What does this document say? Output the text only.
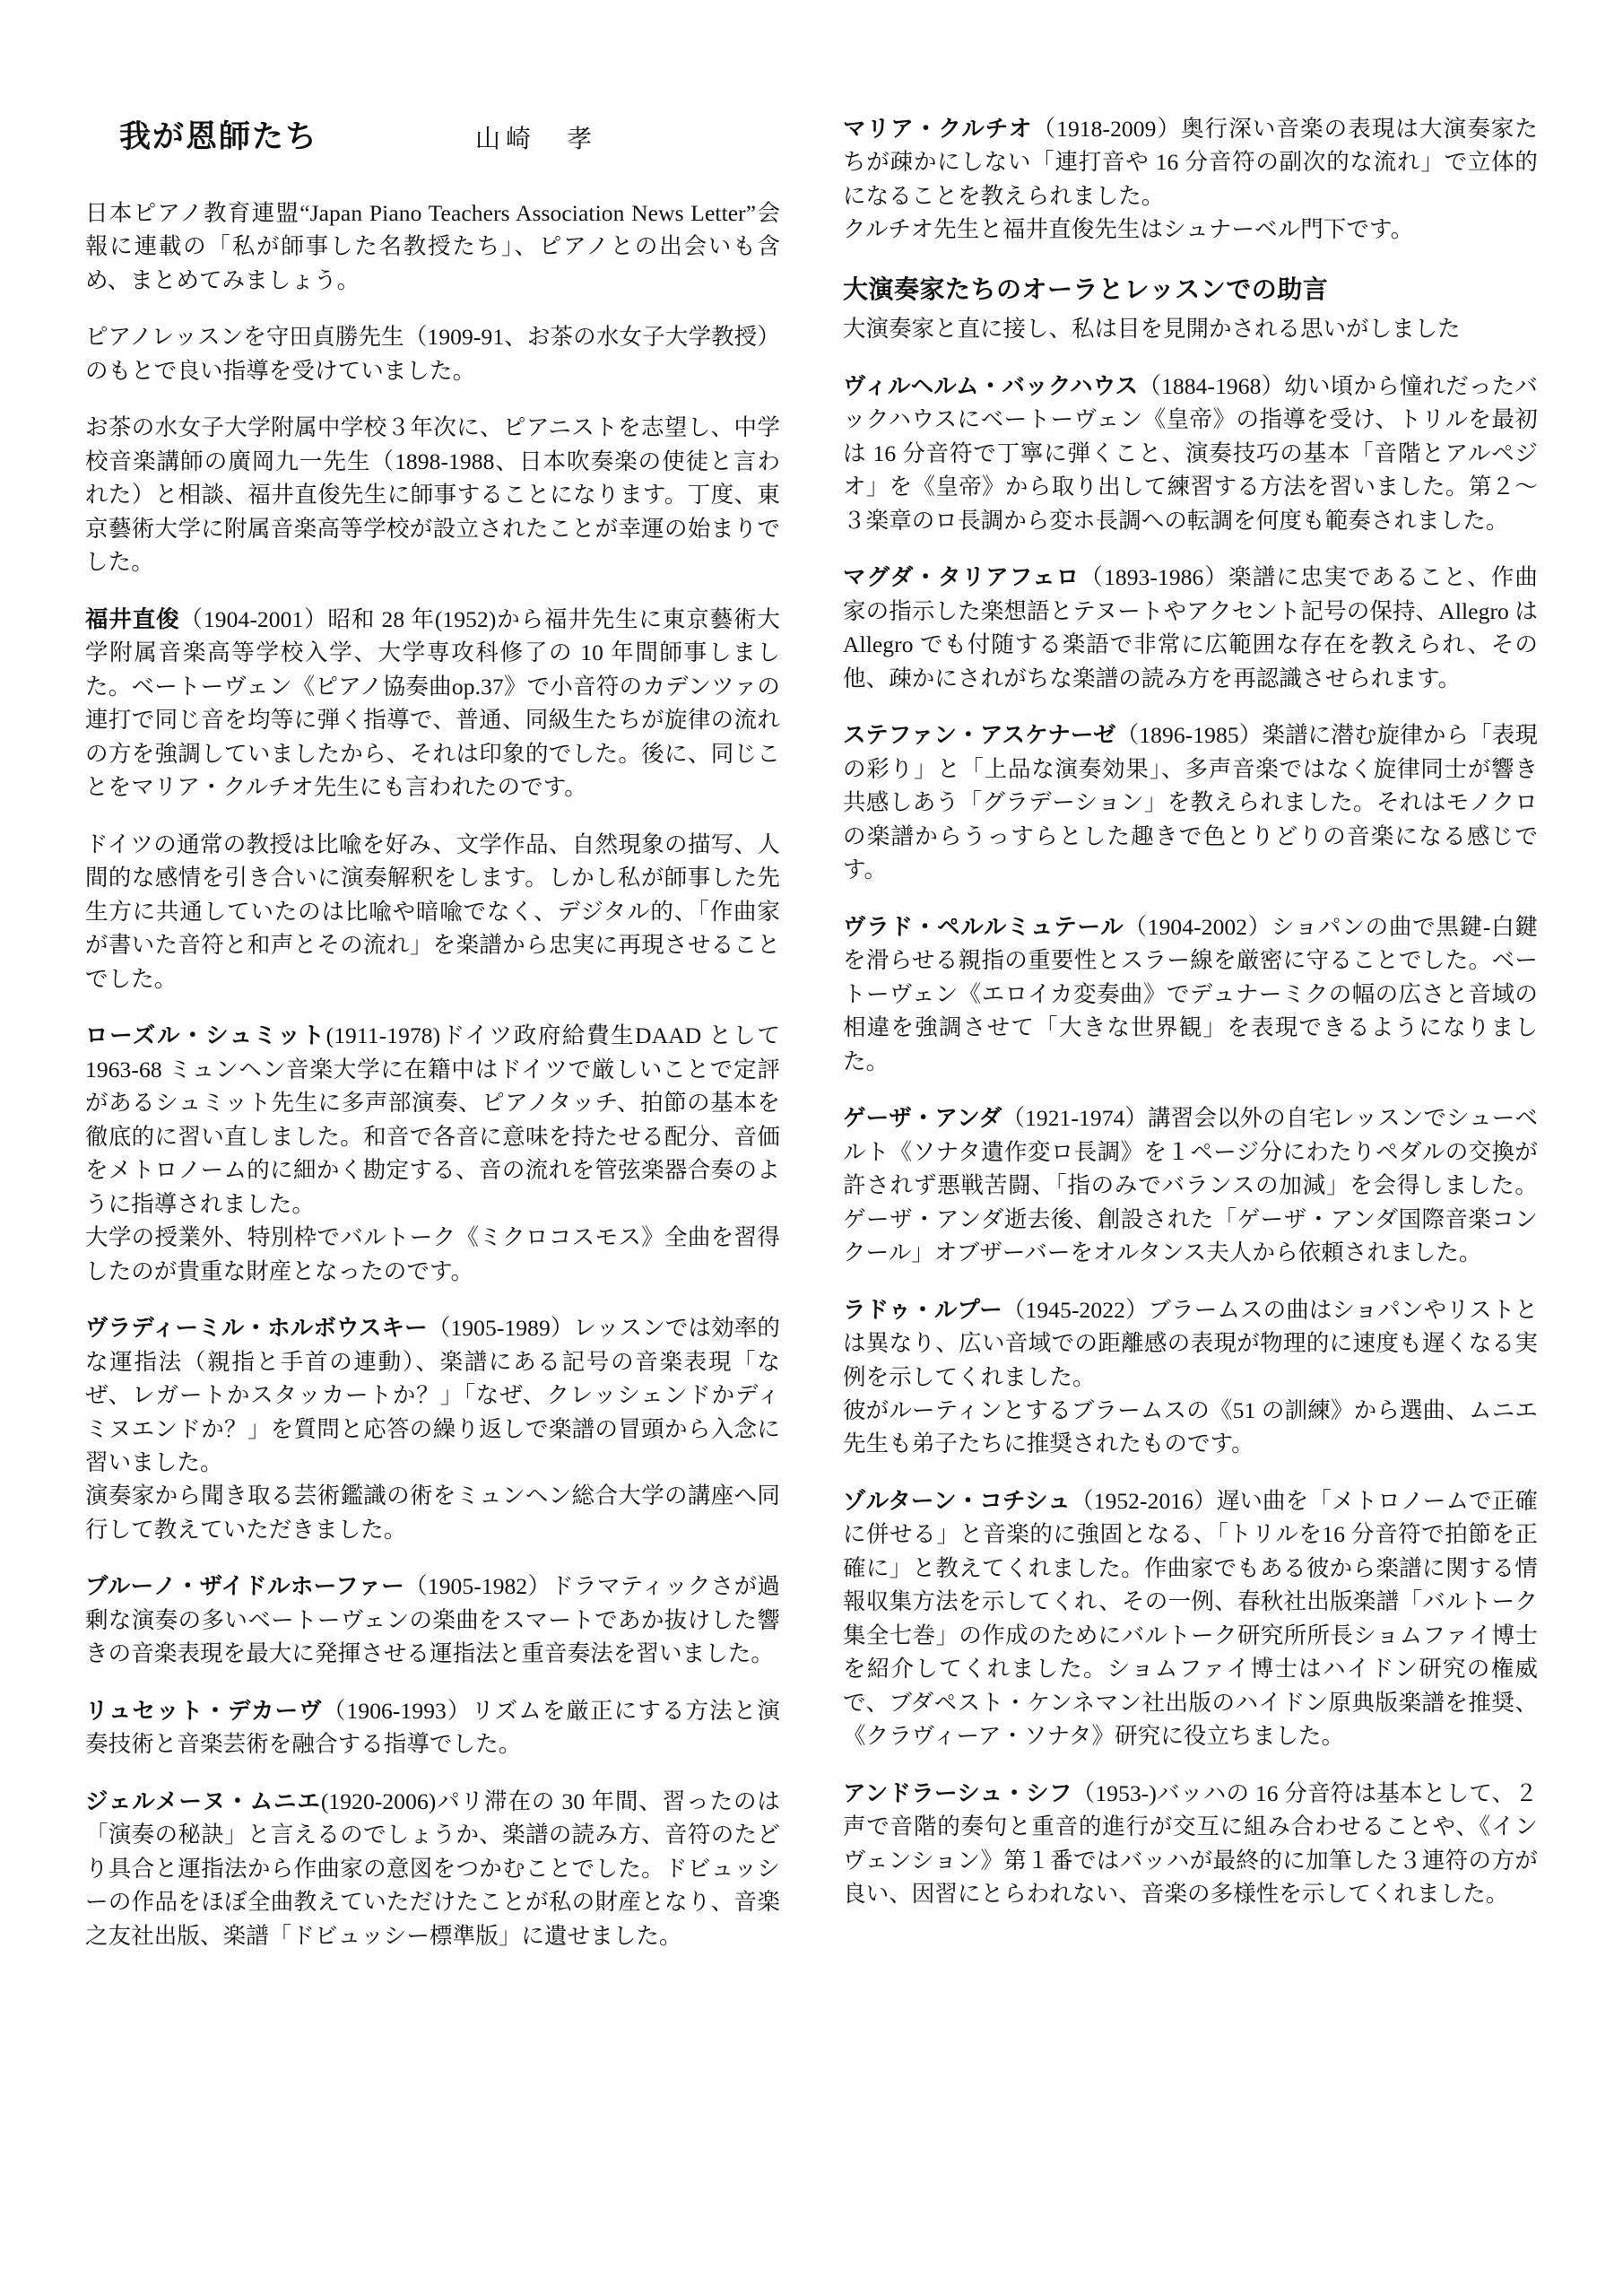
我が恩師たち	山崎　孝

日本ピアノ教育連盟“Japan Piano Teachers Association News Letter”会報に連載の「私が師事した名教授たち」、ピアノとの出会いも含め、まとめてみましょう。

ピアノレッスンを守田貞勝先生（1909-91、お茶の水女子大学教授）のもとで良い指導を受けていました。

お茶の水女子大学附属中学校３年次に、ピアニストを志望し、中学校音楽講師の廣岡九一先生（1898-1988、日本吹奏楽の使徒と言われた）と相談、福井直俊先生に師事することになります。丁度、東京藝術大学に附属音楽高等学校が設立されたことが幸運の始まりでした。

福井直俊（1904-2001）昭和 28 年(1952)から福井先生に東京藝術大学附属音楽高等学校入学、大学専攻科修了の 10 年間師事しました。ベートーヴェン《ピアノ協奏曲op.37》で小音符のカデンツァの連打で同じ音を均等に弾く指導で、普通、同級生たちが旋律の流れの方を強調していましたから、それは印象的でした。後に、同じことをマリア・クルチオ先生にも言われたのです。

ドイツの通常の教授は比喩を好み、文学作品、自然現象の描写、人間的な感情を引き合いに演奏解釈をします。しかし私が師事した先生方に共通していたのは比喩や暗喩でなく、デジタル的、「作曲家が書いた音符と和声とその流れ」を楽譜から忠実に再現させることでした。

ローズル・シュミット(1911-1978)ドイツ政府給費生DAAD として 1963-68 ミュンヘン音楽大学に在籍中はドイツで厳しいことで定評があるシュミット先生に多声部演奏、ピアノタッチ、拍節の基本を徹底的に習い直しました。和音で各音に意味を持たせる配分、音価をメトロノーム的に細かく勘定する、音の流れを管弦楽器合奏のように指導されました。

大学の授業外、特別枠でバルトーク《ミクロコスモス》全曲を習得したのが貴重な財産となったのです。

ヴラディーミル・ホルボウスキー（1905-1989）レッスンでは効率的な運指法（親指と手首の連動）、楽譜にある記号の音楽表現「なぜ、レガートかスタッカートか？」「なぜ、クレッシェンドかディミヌエンドか？」を質問と応答の繰り返しで楽譜の冒頭から入念に習いました。

演奏家から聞き取る芸術鑑識の術をミュンヘン総合大学の講座へ同行して教えていただきました。

ブルーノ・ザイドルホーファー（1905-1982）ドラマティックさが過剰な演奏の多いベートーヴェンの楽曲をスマートであか抜けした響きの音楽表現を最大に発揮させる運指法と重音奏法を習いました。

リュセット・デカーヴ（1906-1993）リズムを厳正にする方法と演奏技術と音楽芸術を融合する指導でした。

ジェルメーヌ・ムニエ(1920-2006)パリ滞在の 30 年間、習ったのは「演奏の秘訣」と言えるのでしょうか、楽譜の読み方、音符のたどり具合と運指法から作曲家の意図をつかむことでした。ドビュッシーの作品をほぼ全曲教えていただけたことが私の財産となり、音楽之友社出版、楽譜「ドビュッシー標準版」に遺せました。

マリア・クルチオ（1918-2009）奥行深い音楽の表現は大演奏家たちが疎かにしない「連打音や 16 分音符の副次的な流れ」で立体的になることを教えられました。

クルチオ先生と福井直俊先生はシュナーベル門下です。

大演奏家たちのオーラとレッスンでの助言
大演奏家と直に接し、私は目を見開かされる思いがしました

ヴィルヘルム・バックハウス（1884-1968）幼い頃から憧れだったバックハウスにベートーヴェン《皇帝》の指導を受け、トリルを最初は 16 分音符で丁寧に弾くこと、演奏技巧の基本「音階とアルペジオ」を《皇帝》から取り出して練習する方法を習いました。第２～３楽章のロ長調から変ホ長調への転調を何度も範奏されました。

マグダ・タリアフェロ（1893-1986）楽譜に忠実であること、作曲家の指示した楽想語とテヌートやアクセント記号の保持、Allegro は Allegro でも付随する楽語で非常に広範囲な存在を教えられ、その他、疎かにされがちな楽譜の読み方を再認識させられます。

ステファン・アスケナーゼ（1896-1985）楽譜に潜む旋律から「表現の彩り」と「上品な演奏効果」、多声音楽ではなく旋律同士が響き共感しあう「グラデーション」を教えられました。それはモノクロの楽譜からうっすらとした趣きで色とりどりの音楽になる感じです。

ヴラド・ペルルミュテール（1904-2002）ショパンの曲で黒鍵-白鍵を滑らせる親指の重要性とスラー線を厳密に守ることでした。ベートーヴェン《エロイカ変奏曲》でデュナーミクの幅の広さと音域の相違を強調させて「大きな世界観」を表現できるようになりました。

ゲーザ・アンダ（1921-1974）講習会以外の自宅レッスンでシューベルト《ソナタ遺作変ロ長調》を１ページ分にわたりペダルの交換が許されず悪戦苦闘、「指のみでバランスの加減」を会得しました。ゲーザ・アンダ逝去後、創設された「ゲーザ・アンダ国際音楽コンクール」オブザーバーをオルタンス夫人から依頼されました。

ラドゥ・ルプー（1945-2022）ブラームスの曲はショパンやリストとは異なり、広い音域での距離感の表現が物理的に速度も遅くなる実例を示してくれました。

彼がルーティンとするブラームスの《51 の訓練》から選曲、ムニエ先生も弟子たちに推奨されたものです。

ゾルターン・コチシュ（1952-2016）遅い曲を「メトロノームで正確に併せる」と音楽的に強固となる、「トリルを16 分音符で拍節を正確に」と教えてくれました。作曲家でもある彼から楽譜に関する情報収集方法を示してくれ、その一例、春秋社出版楽譜「バルトーク集全七巻」の作成のためにバルトーク研究所所長ショムファイ博士を紹介してくれました。ショムファイ博士はハイドン研究の権威で、ブダペスト・ケンネマン社出版のハイドン原典版楽譜を推奨、《クラヴィーア・ソナタ》研究に役立ちました。

アンドラーシュ・シフ（1953-)バッハの 16 分音符は基本として、２声で音階的奏句と重音的進行が交互に組み合わせることや、《インヴェンション》第１番ではバッハが最終的に加筆した３連符の方が良い、因習にとらわれない、音楽の多様性を示してくれました。
